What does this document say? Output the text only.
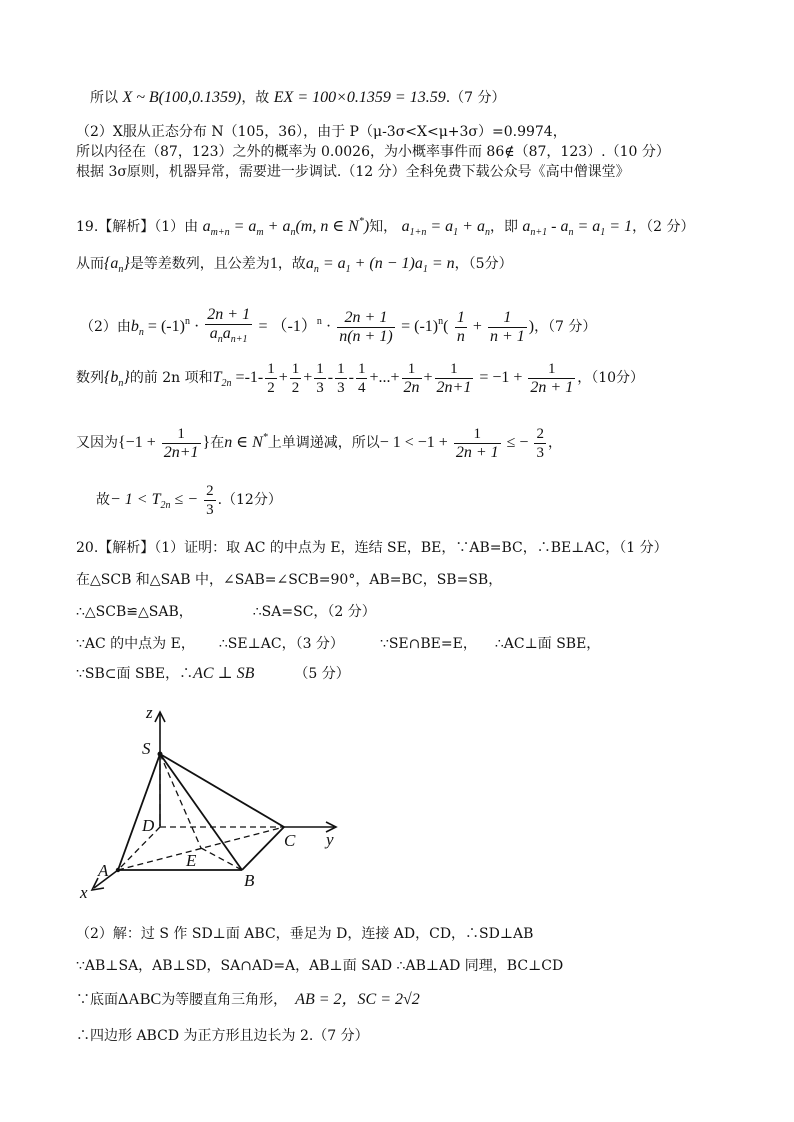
所以 X ~ B(100,0.1359)，故 EX = 100×0.1359 = 13.59.（7 分）
（2）X服从正态分布 N（105，36），由于 P（μ-3σ<X<μ+3σ）=0.9974，
所以内径在（87，123）之外的概率为 0.0026，为小概率事件而 86∉（87，123）.（10 分）
根据 3σ原则，机器异常，需要进一步调试.（12 分）全科免费下载公众号《高中僧课堂》
19.【解析】（1）由 $a_{m+n} = a_m + a_n(m$, n ∈ N*)知， $a_{1+n} = a_1 + a_n$，即 $a_{n+1} - a_n = a_1 = 1$，（2 分）
从而$\{a_n\}$是等差数列，且公差为1，故$a_n = a_1 + (n - 1)a_1 = n$，（5分）
（2）由$b_n = (-1)^n \cdot \frac{2n + 1}{a_na_{n+1}} = (-1)^n \cdot \frac{2n + 1}{n(n + 1)} = (-1)^n( \frac{1}{n} + \frac{1}{n + 1}$ )，（7 分）
数列$\{b_n\}$的前 2n 项和$T_{2n} =-1- \frac{1}{2} + \frac{1}{2} + \frac{1}{3} - \frac{1}{3} - \frac{1}{4}$ +...+ $\frac{1}{2n} + \frac{1}{2n+1} = -1 + \frac{1}{2n + 1}$ ，（10分）
又因为{$-1 + \frac{1}{2n+1}$ }在n ∈ N*上单调递减，所以− $1 < -1 + \frac{1}{2n + 1}$ ≤ − $\frac{2}{3}$ ，
故− $1 < T_{2n}$ ≤ − $\frac{2}{3} .(12$分）
20.【解析】（1）证明：取 AC 的中点为 E，连结 SE，BE，∵AB=BC，∴BE⊥AC，（1 分）
在△SCB 和△SAB 中，∠SAB=∠SCB=90°，AB=BC，SB=SB，
∴△SCB≌△SAB，	∴SA=SC，（2 分）
∵AC 的中点为 E， ∴SE⊥AC，（3 分）	∵SE∩BE=E， ∴AC⊥面 SBE，
∵SB⊂面 SBE，∴AC ⊥ SB	（5 分）
z
S
D
C y
E
A
B
x
（2）解：过 S 作 SD⊥面 ABC，垂足为 D，连接 AD，CD，∴SD⊥AB
∵AB⊥SA，AB⊥SD，SA∩AD=A，AB⊥面 SAD ∴AB⊥AD 同理，BC⊥CD
∵底面ΔABC为等腰直角三角形， AB = 2，SC = 2√2
∴四边形 ABCD 为正方形且边长为 2.（7 分）
